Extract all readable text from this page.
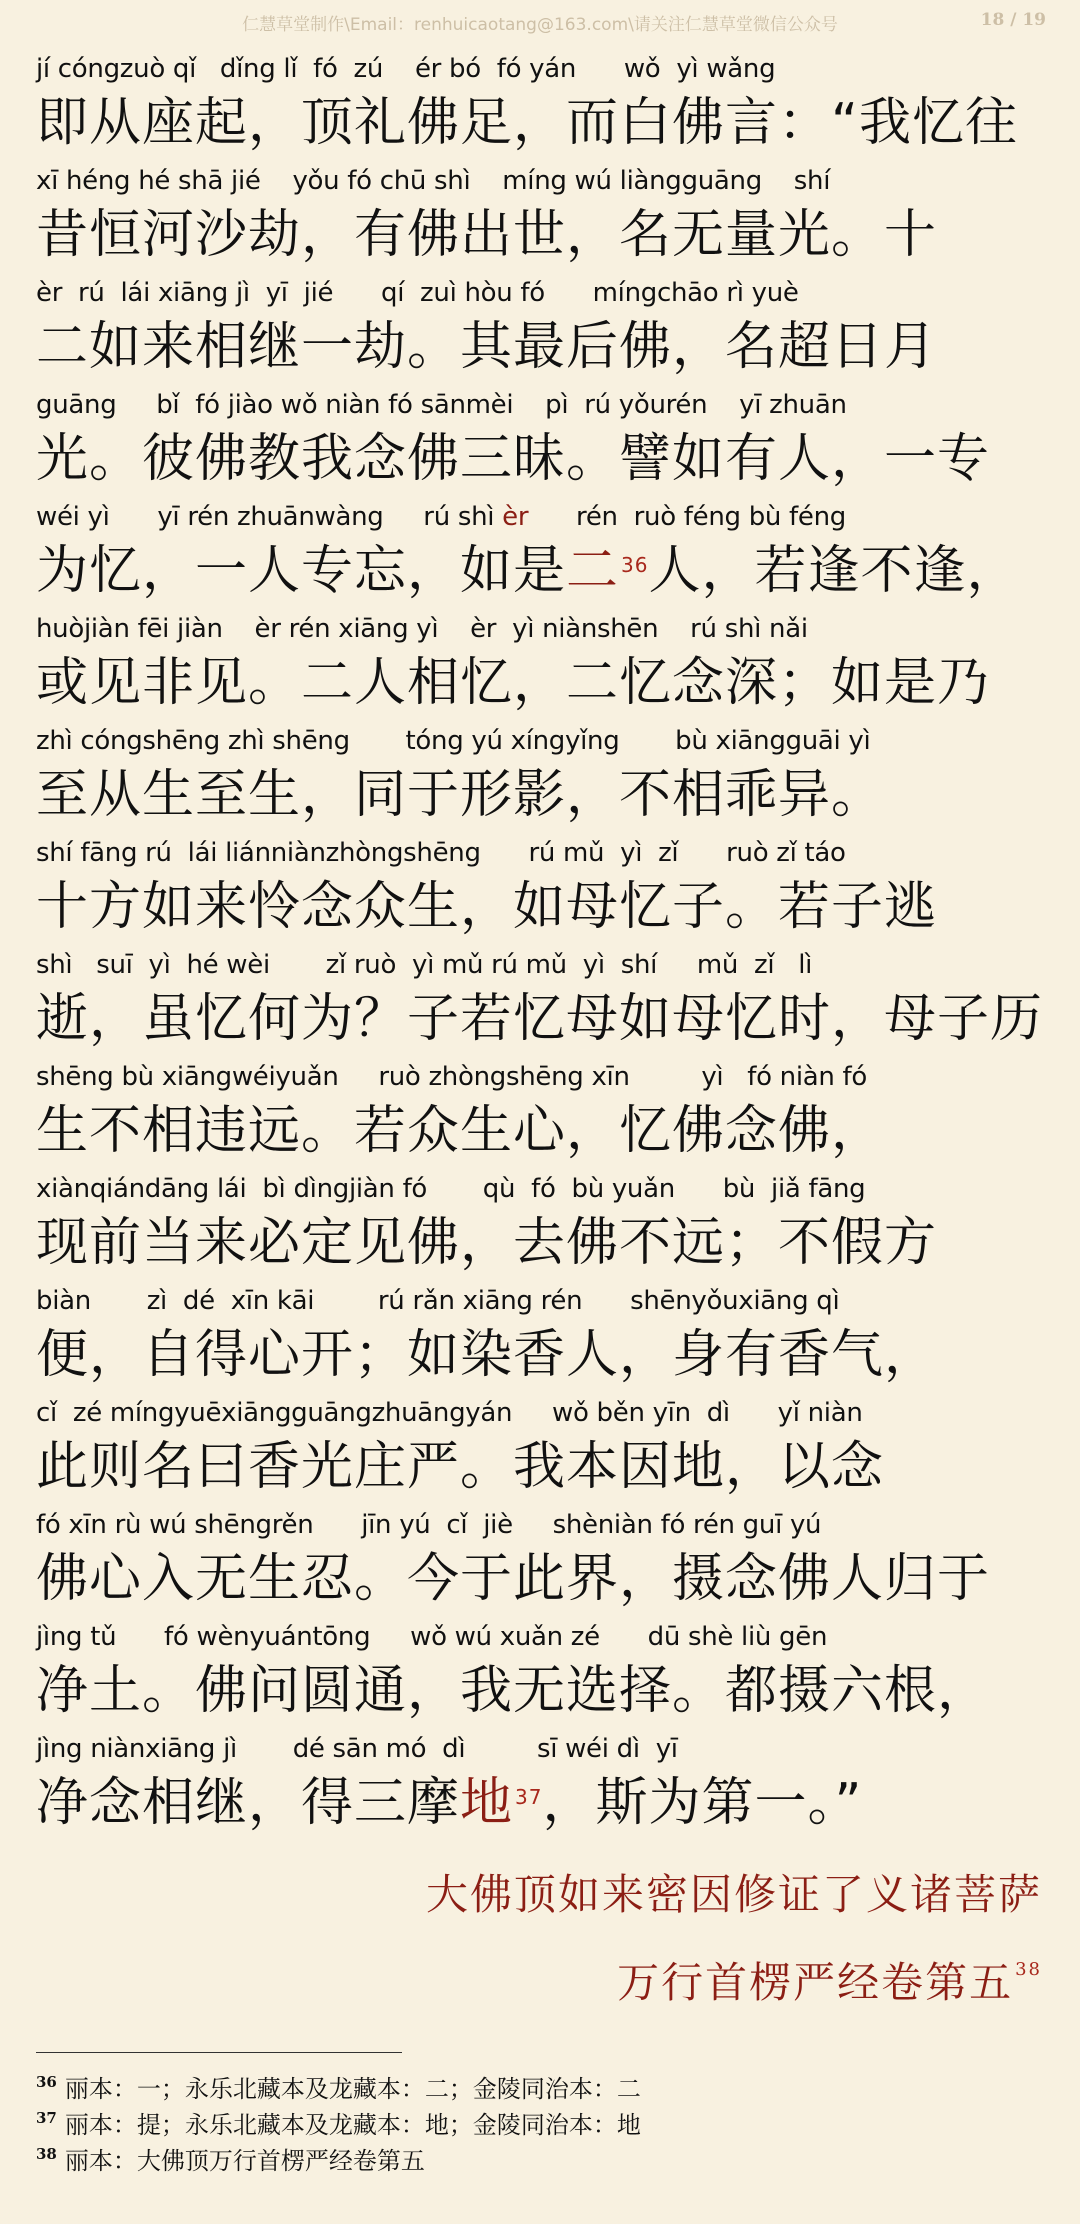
仁慧草堂制作\Email：renhuicaotang@163.com\请关注仁慧草堂微信公众号	18 / 19
jí cóngzuò qǐ   dǐng lǐ  fó  zú    ér bó  fó yán      wǒ  yì wǎng
即从座起，顶礼佛足，而白佛言：“我忆往
xī héng hé shā jié    yǒu fó chū shì    míng wú liàngguāng    shí
昔恒河沙劫，有佛出世，名无量光。十
èr  rú  lái xiāng jì  yī  jié      qí  zuì hòu fó      míngchāo rì yuè
二如来相继一劫。其最后佛，名超日月
guāng     bǐ  fó jiào wǒ niàn fó sānmèi    pì  rú yǒurén    yī zhuān
光。彼佛教我念佛三昧。譬如有人，一专
wéi yì      yī rén zhuānwàng     rú shì èr      rén  ruò féng bù féng
为忆，一人专忘，如是 二 36 人，若逢不逢，
huòjiàn fēi jiàn    èr rén xiāng yì    èr  yì niànshēn    rú shì nǎi
或见非见。二人相忆，二忆念深；如是乃
zhì cóngshēng zhì shēng       tóng yú xíngyǐng       bù xiāngguāi yì
至从生至生，同于形影，不相乖异。
shí fāng rú  lái liánniànzhòngshēng      rú mǔ  yì  zǐ      ruò zǐ táo
十方如来怜念众生，如母忆子。若子逃
shì   suī  yì  hé wèi       zǐ ruò  yì mǔ rú mǔ  yì  shí     mǔ  zǐ   lì
逝，虽忆何为？子若忆母如母忆时，母子历
shēng bù xiāngwéiyuǎn     ruò zhòngshēng xīn         yì   fó niàn fó
生不相违远。若众生心，忆佛念佛，
xiànqiándāng lái  bì dìngjiàn fó       qù  fó  bù yuǎn      bù  jiǎ fāng
现前当来必定见佛，去佛不远；不假方
biàn       zì  dé  xīn kāi        rú rǎn xiāng rén      shēnyǒuxiāng qì
便，自得心开；如染香人，身有香气，
cǐ  zé míngyuēxiāngguāngzhuāngyán     wǒ běn yīn  dì      yǐ niàn
此则名曰香光庄严。我本因地，以念
fó xīn rù wú shēngrěn      jīn yú  cǐ  jiè     shèniàn fó rén guī yú
佛心入无生忍。今于此界，摄念佛人归于
jìng tǔ      fó wènyuántōng     wǒ wú xuǎn zé      dū shè liù gēn
净土。佛问圆通，我无选择。都摄六根，
jìng niànxiāng jì       dé sān mó  dì         sī wéi dì  yī
净念相继，得三摩 地 37 ，斯为第一。”
大佛顶如来密因修证了义诸菩萨
万行首楞严经卷第五 $^{38}$
$^{36}$ 丽本：一；永乐北藏本及龙藏本：二；金陵同治本：二
$^{37}$ 丽本：提；永乐北藏本及龙藏本：地；金陵同治本：地
$^{38}$ 丽本：大佛顶万行首楞严经卷第五
